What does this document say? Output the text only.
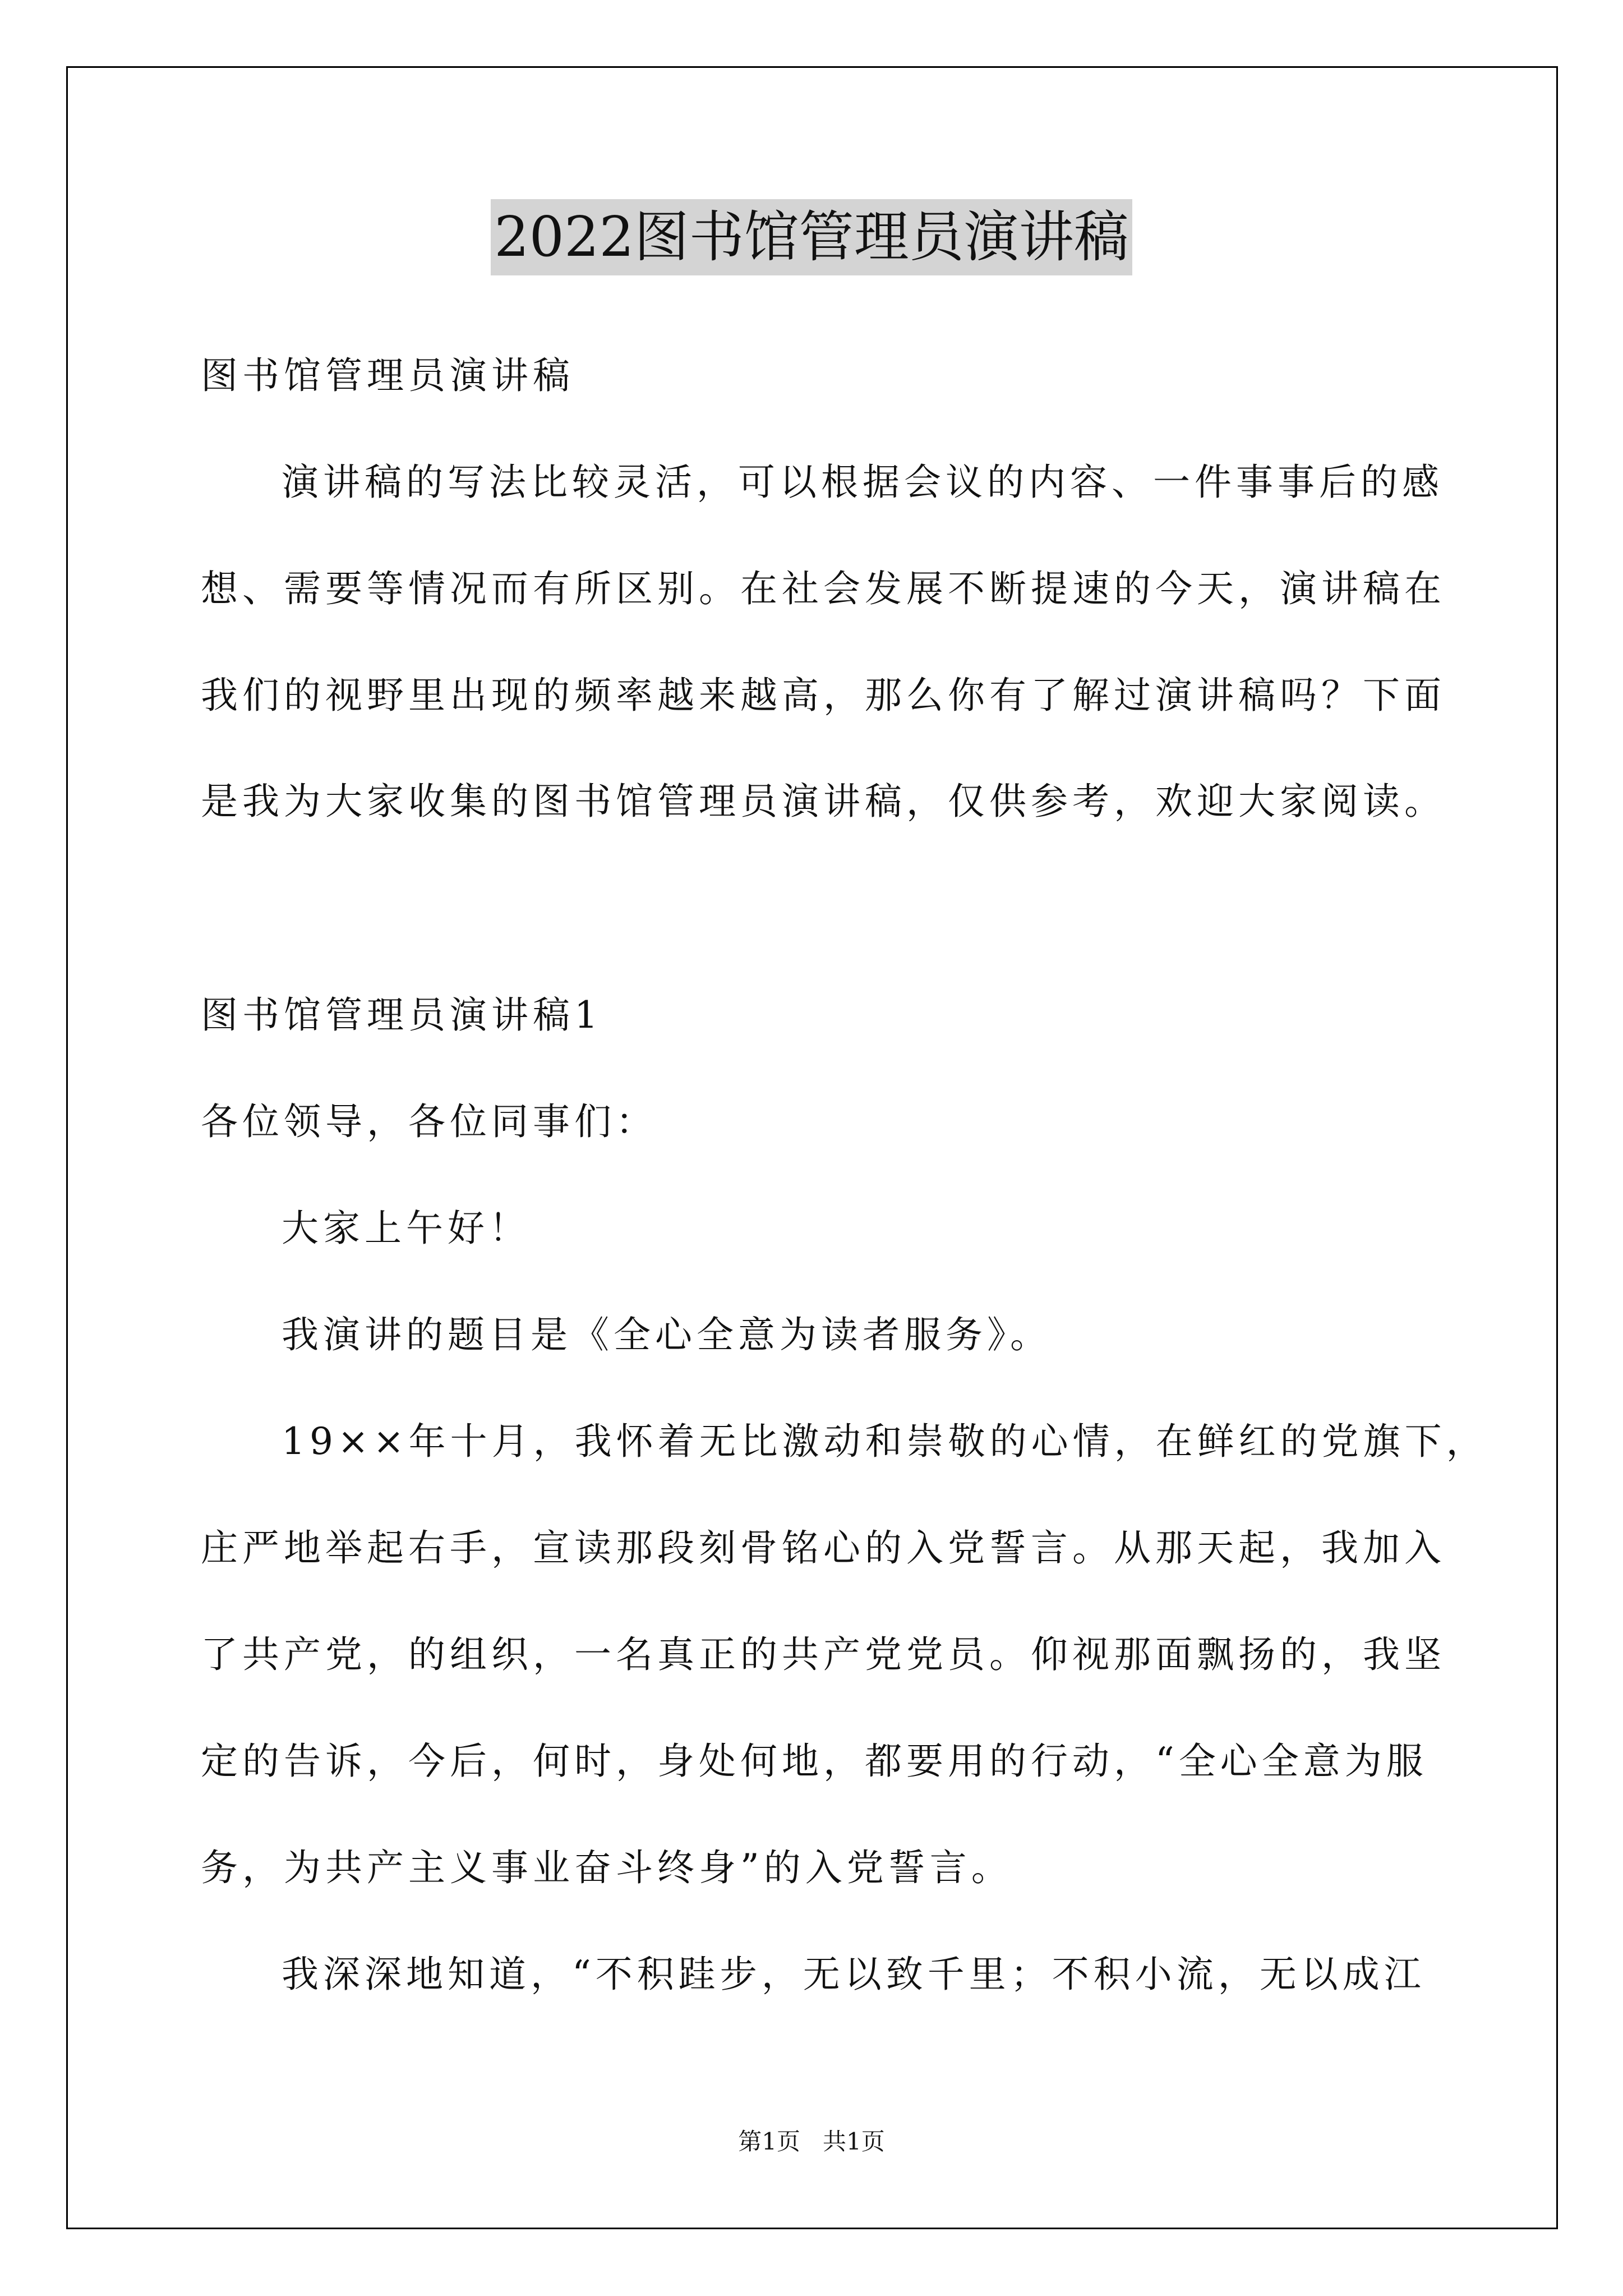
2022图书馆管理员演讲稿
图书馆管理员演讲稿
演讲稿的写法比较灵活，可以根据会议的内容、一件事事后的感
想、需要等情况而有所区别。在社会发展不断提速的今天，演讲稿在
我们的视野里出现的频率越来越高，那么你有了解过演讲稿吗？下面
是我为大家收集的图书馆管理员演讲稿，仅供参考，欢迎大家阅读。
图书馆管理员演讲稿1
各位领导，各位同事们：
大家上午好！
我演讲的题目是《全心全意为读者服务》。
19××年十月，我怀着无比激动和崇敬的心情，在鲜红的党旗下，
庄严地举起右手，宣读那段刻骨铭心的入党誓言。从那天起，我加入
了共产党，的组织，一名真正的共产党党员。仰视那面飘扬的，我坚
定的告诉，今后，何时，身处何地，都要用的行动，“全心全意为服
务，为共产主义事业奋斗终身”的入党誓言。
我深深地知道，“不积跬步，无以致千里；不积小流，无以成江
第1页   共1页
